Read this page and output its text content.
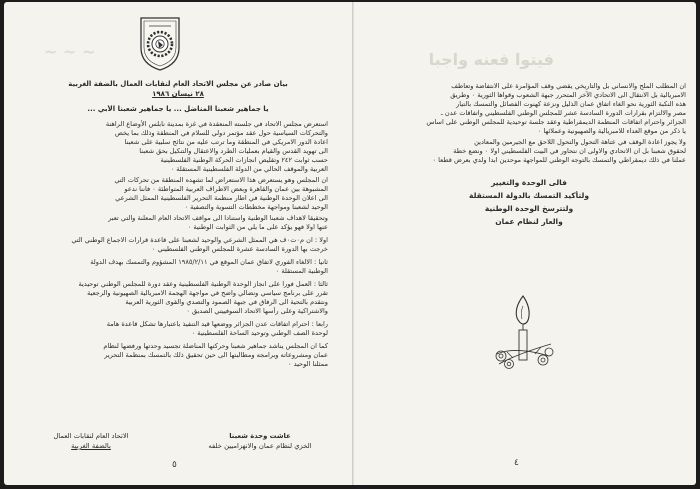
~ ~ ~
بيان صادر عن مجلس الاتحاد العام لنقابات العمال بالضفة الغربية
٢٨ نيسان ١٩٨٦
يا جماهير شعبنا المناضل ... يا جماهير شعبنا الأبي ...
استعرض مجلس الاتحاد في جلسته المنعقدة في غزة بمدينة نابلس الأوضاع الراهنة
والتحركات السياسية حول عقد مؤتمر دولي للسلام في المنطقة وذلك بما يخص
اعادة الدور الامريكي في المنطقة وما ترتب عليه من نتائج سلبية على شعبنا
الى تهويد القدس والقيام بعمليات الطرد والاعتقال والتنكيل بحق شعبنا
حسب ثوابت ٢٤٢ وتقليص انجازات الحركة الوطنية الفلسطينية
العربية والموقف الحالي من الدولة الفلسطينية المستقلة ٠
ان المجلس وهو يستعرض هذا الاستعراض لما تشهده المنطقة من تحركات التي
المشبوهة بين عمان والقاهرة وبعض الاطراف العربية المتواطئة ٠ فاننا ندعو
الى اعلان الوحدة الوطنية في اطار منظمة التحرير الفلسطينية الممثل الشرعي
الوحيد لشعبنا ومواجهة مخططات التسوية والتصفية ٠
وتحقيقا لاهداف شعبنا الوطنية واستنادا الى مواقف الاتحاد العام المعلنة والتي تعبر
عنها اولا فهو يؤكد على ما يلي من الثوابت الوطنية ٠
اولا : ان م٠ت٠ف هي الممثل الشرعي والوحيد لشعبنا على قاعدة قرارات الاجماع الوطني التي
خرجت بها الدورة السادسة عشرة للمجلس الوطني الفلسطيني ٠
ثانيا : الالغاء الفوري لاتفاق عمان الموقع في ١٩٨٥/٢/١١ المشؤوم والتمسك بهدف الدولة
الوطنية المستقلة ٠
ثالثا : العمل فورا على انجاز الوحدة الوطنية الفلسطينية وعقد دورة للمجلس الوطني توحيدية
تقرر على برنامج سياسي ونضالي واضح في مواجهة الهجمة الامبريالية الصهيونية والرجعية
ونتقدم بالتحية الى الرفاق في جبهة الصمود والتصدي والقوى الثورية العربية
والاشتراكية وعلى رأسها الاتحاد السوفييتي الصديق ٠
رابعا : احترام اتفاقات عدن الجزائر ووضعها قيد التنفيذ باعتبارها تشكل قاعدة هامة
لوحدة الصف الوطني وتوحيد الساحة الفلسطينية ٠
كما ان المجلس يناشد جماهير شعبنا وحركتها المناضلة تجسيد وحدتها ورفضها لنظام
عمان ومشروعاته وبرامجه ومطالبتها الى حين تحقيق ذلك بالتمسك بمنظمة التحرير
ممثلنا الوحيد ٠
عاشت وحدة شعبنا
الخزي لنظام عمان والانهزاميين خلفه
الاتحاد العام لنقابات العمال
بالضفة الغربية
٥
فيتوا فعنه واجبا
ان المطلب الملح والانساني بل والتاريخي يقضي وقف المؤامرة على الانتفاضة وتعاطف
الامبريالية بل الانتقال الى الاتحادي الآخر المتحرر جبهة الشعوب وقواها الثورية ٠ وطريق
هذه النكبة الثورية نحو الغاء اتفاق عمان الذليل ونزعة كهنوت الفصائل والتمسك بالتيار
مصر والالتزام بقرارات الدورة السادسة عشر للمجلس الوطني الفلسطيني واتفاقات عدن ـ
الجزائر واحترام اتفاقات المنظمة الديمقراطية وعقد جلسة توحيدية للمجلس الوطني على اساس
يا ذكر من موقع العداء للامبريالية والصهيونية وعملائها ٠
ولا يجوز اعادة الوقف في عتاهة التحول والتحول اللاحق مع الجيرمين والمعادين
لحقوق شعبنا بل ان الاتحادي والاولى ان نتحاور في البيت الفلسطيني اولا ٠ ونضع خطة
عملنا في ذلك ديمقراطي والتمسك بالتوجه الوطني للمواجهة موحدين ابدا ولدي بعرض قطعا ٠
فالى الوحدة والتغيير
ولتأكيد التمسك بالدولة المستقلة
ولتترسخ الوحدة الوطنية
والعار لنظام عمان
٤
